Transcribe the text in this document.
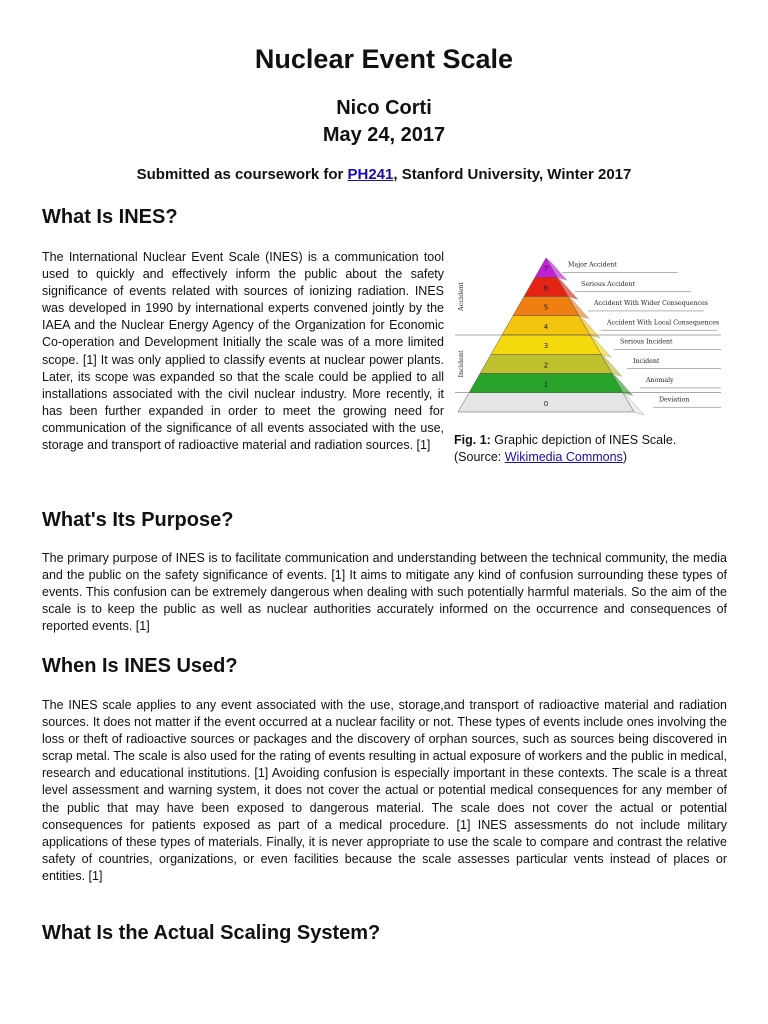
Nuclear Event Scale
Nico Corti
May 24, 2017
Submitted as coursework for PH241, Stanford University, Winter 2017
What Is INES?

The International Nuclear Event Scale (INES) is a communication tool used to quickly and effectively inform the public about the safety significance of events related with sources of ionizing radiation. INES was developed in 1990 by international experts convened jointly by the IAEA and the Nuclear Energy Agency of the Organization for Economic Co-operation and Development Initially the scale was of a more limited scope. [1] It was only applied to classify events at nuclear power plants. Later, its scope was expanded so that the scale could be applied to all installations associated with the civil nuclear industry. More recently, it has been further expanded in order to meet the growing need for communication of the significance of all events associated with the use, storage and transport of radioactive material and radiation sources. [1]

7	Major Accident
6	Serious Accident
5	Accident With Wider Consequences
4	Accident With Local Consequences
3	Serious Incident
2	Incident
1	Anomaly
0	Deviation
Accident
Incident
Fig. 1: Graphic depiction of INES Scale.
(Source: Wikimedia Commons)
What's Its Purpose?

The primary purpose of INES is to facilitate communication and understanding between the technical community, the media and the public on the safety significance of events. [1] It aims to mitigate any kind of confusion surrounding these types of events. This confusion can be extremely dangerous when dealing with such potentially harmful materials. So the aim of the scale is to keep the public as well as nuclear authorities accurately informed on the occurrence and consequences of reported events. [1]

When Is INES Used?

The INES scale applies to any event associated with the use, storage,and transport of radioactive material and radiation sources. It does not matter if the event occurred at a nuclear facility or not. These types of events include ones involving the loss or theft of radioactive sources or packages and the discovery of orphan sources, such as sources being discovered in scrap metal. The scale is also used for the rating of events resulting in actual exposure of workers and the public in medical, research and educational institutions. [1] Avoiding confusion is especially important in these contexts. The scale is a threat level assessment and warning system, it does not cover the actual or potential medical consequences for any member of the public that may have been exposed to dangerous material. The scale does not cover the actual or potential consequences for patients exposed as part of a medical procedure. [1] INES assessments do not include military applications of these types of materials. Finally, it is never appropriate to use the scale to compare and contrast the relative safety of countries, organizations, or even facilities because the scale assesses particular vents instead of places or entities. [1]

What Is the Actual Scaling System?
